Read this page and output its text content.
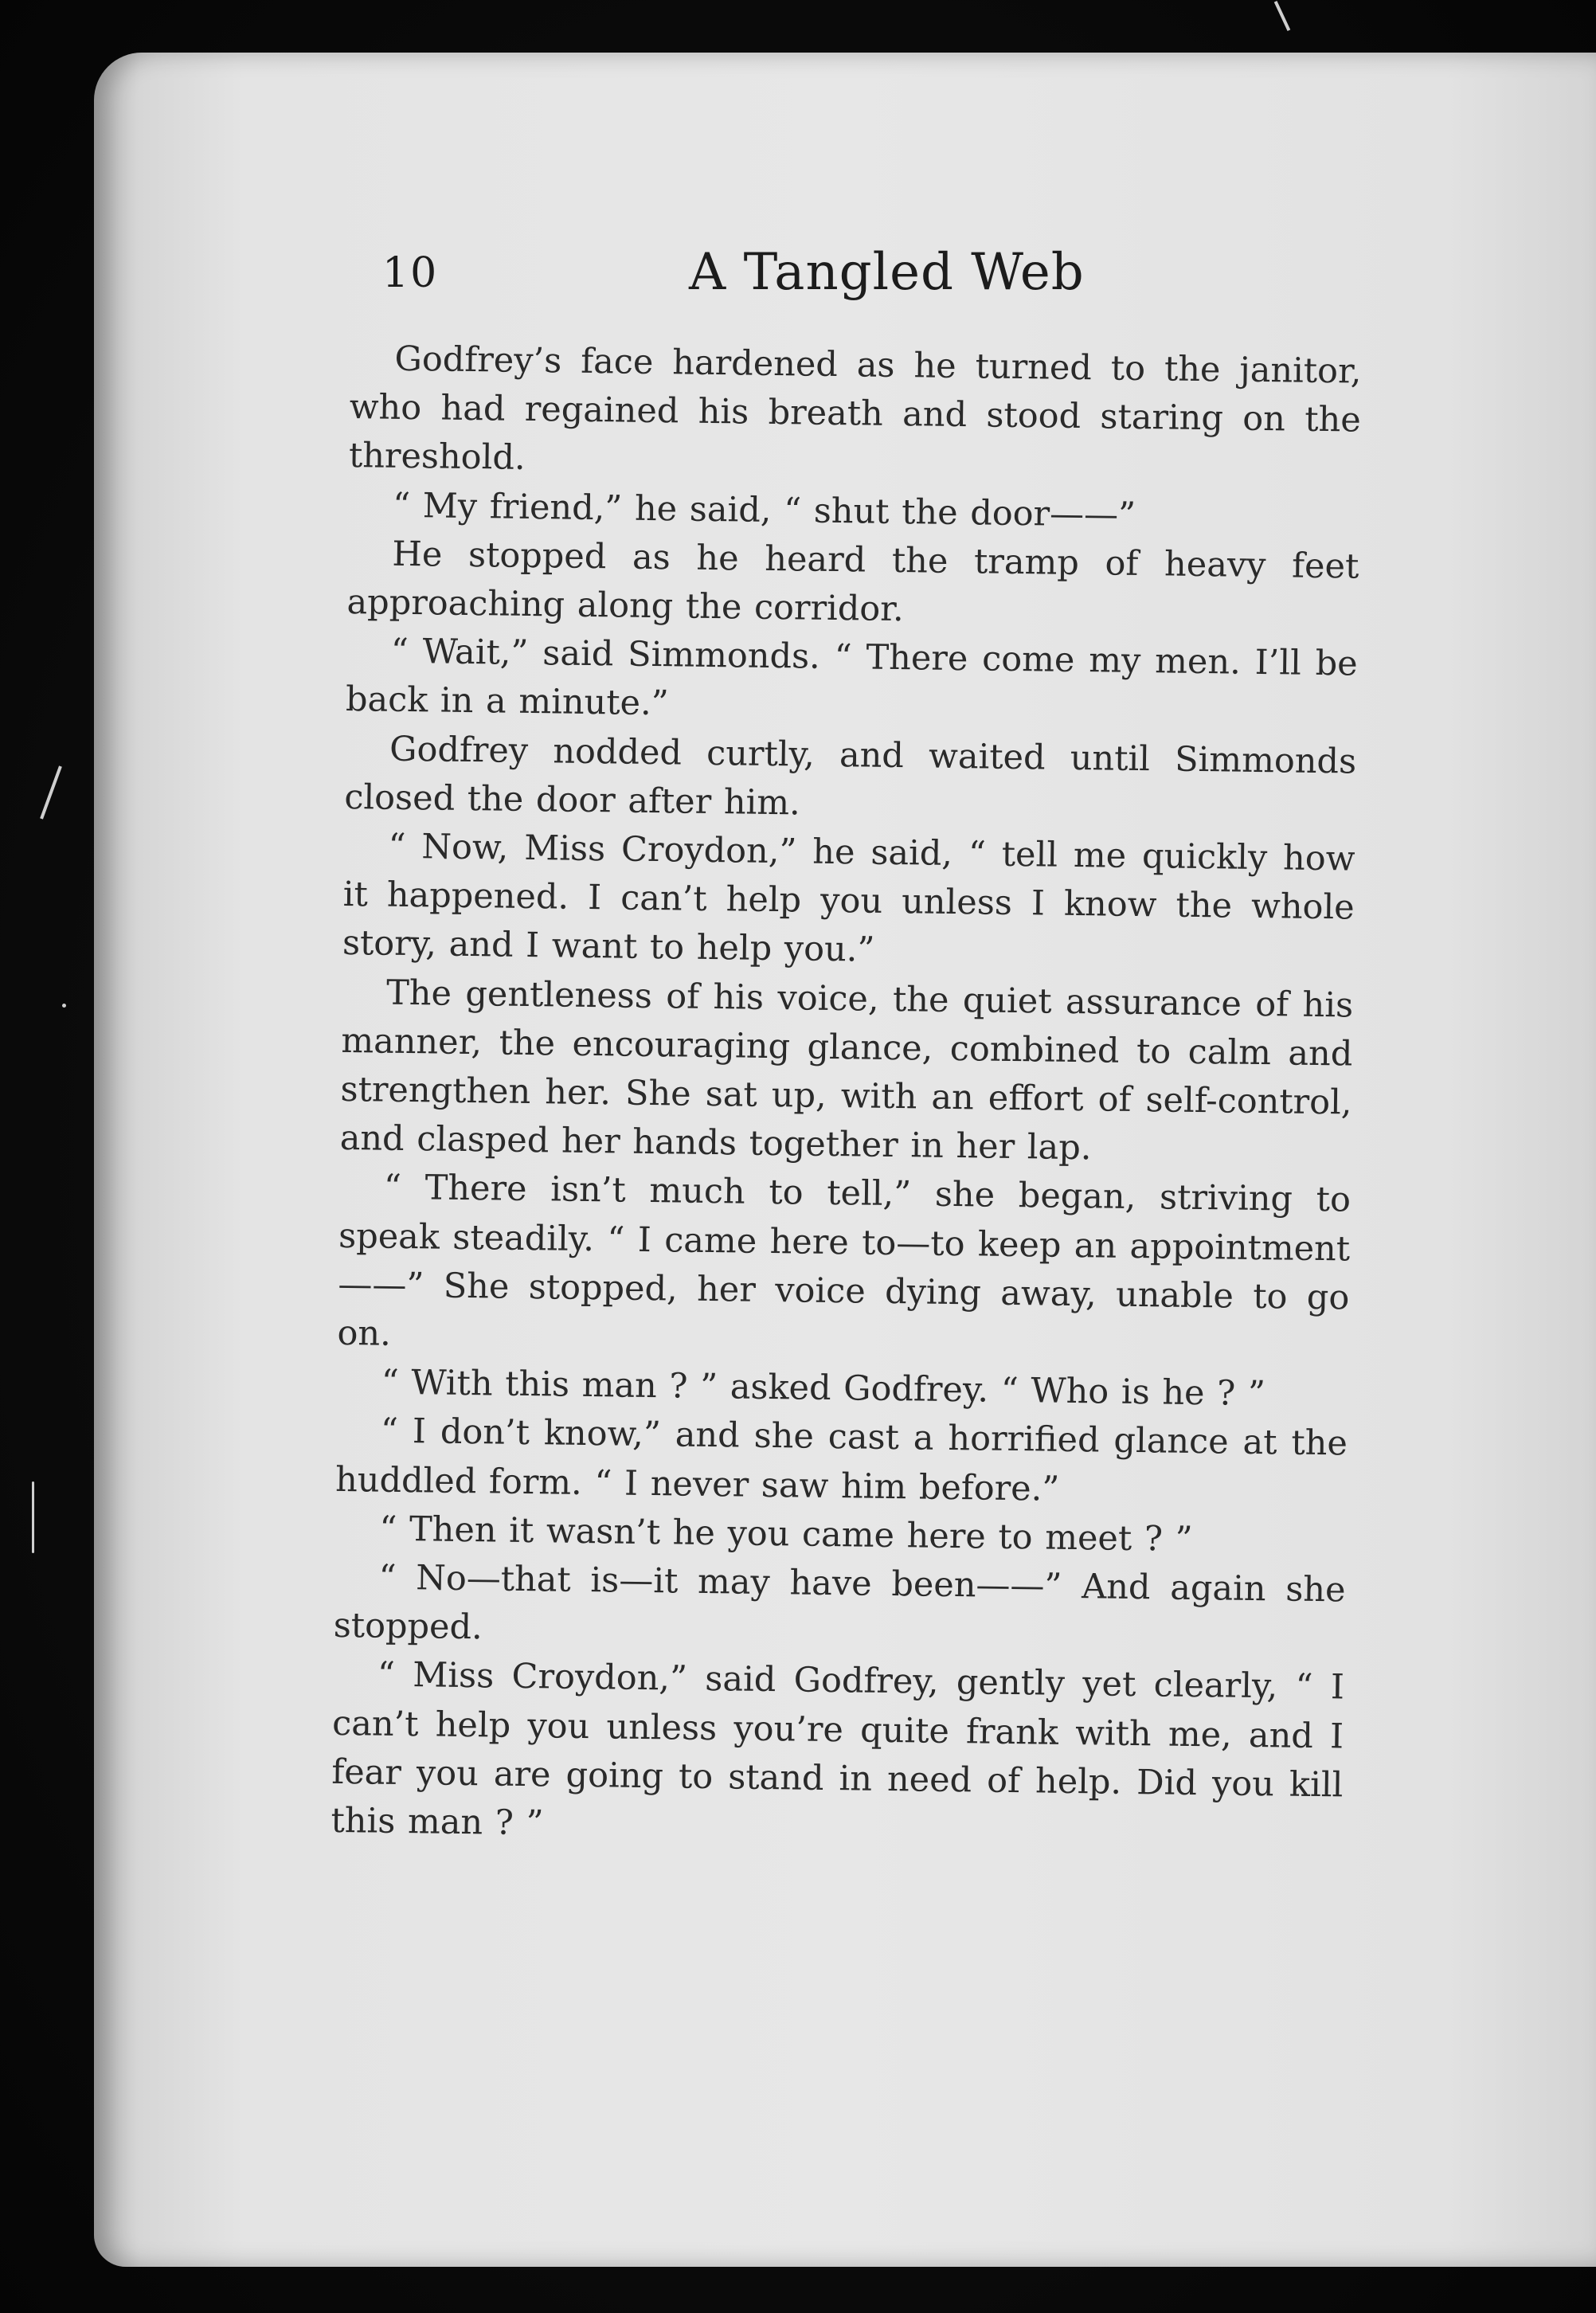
10	A Tangled Web

Godfrey’s face hardened as he turned to the janitor, who had regained his breath and stood staring on the threshold.

“ My friend,” he said, “ shut the door——”

He stopped as he heard the tramp of heavy feet approaching along the corridor.

“ Wait,” said Simmonds. “ There come my men. I’ll be back in a minute.”

Godfrey nodded curtly, and waited until Simmonds closed the door after him.

“ Now, Miss Croydon,” he said, “ tell me quickly how it happened. I can’t help you unless I know the whole story, and I want to help you.”

The gentleness of his voice, the quiet assurance of his manner, the encouraging glance, combined to calm and strengthen her. She sat up, with an effort of self-control, and clasped her hands together in her lap.

“ There isn’t much to tell,” she began, striving to speak steadily. “ I came here to—to keep an appointment——” She stopped, her voice dying away, unable to go on.

“ With this man ? ” asked Godfrey. “ Who is he ? ”

“ I don’t know,” and she cast a horrified glance at the huddled form. “ I never saw him before.”

“ Then it wasn’t he you came here to meet ? ”

“ No—that is—it may have been——” And again she stopped.

“ Miss Croydon,” said Godfrey, gently yet clearly, “ I can’t help you unless you’re quite frank with me, and I fear you are going to stand in need of help. Did you kill this man ? ”
